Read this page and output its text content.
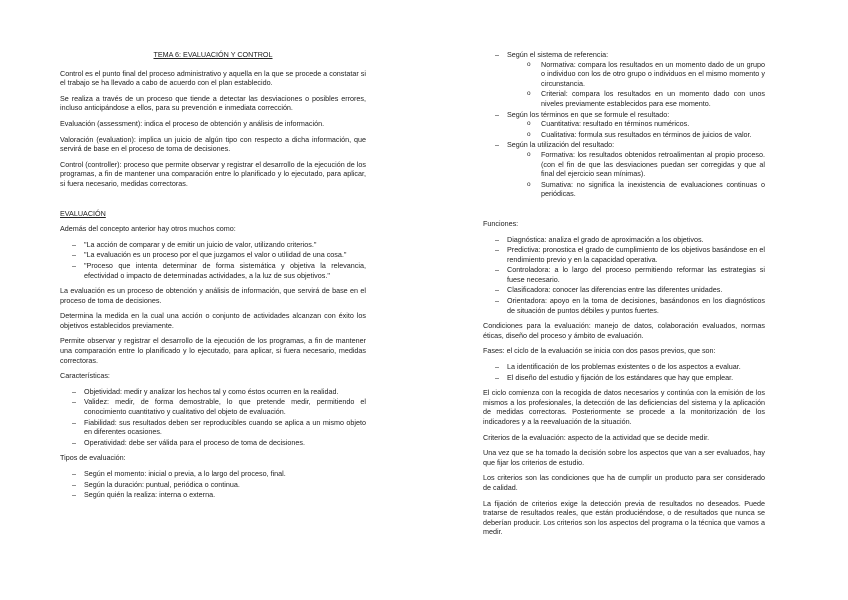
TEMA 6: EVALUACIÓN Y CONTROL

Control es el punto final del proceso administrativo y aquella en la que se procede a constatar si el trabajo se ha llevado a cabo de acuerdo con el plan establecido.

Se realiza a través de un proceso que tiende a detectar las desviaciones o posibles errores, incluso anticipándose a ellos, para su prevención e inmediata corrección.

Evaluación (assessment): indica el proceso de obtención y análisis de información.

Valoración (evaluation): implica un juicio de algún tipo con respecto a dicha información, que servirá de base en el proceso de toma de decisiones.

Control (controller): proceso que permite observar y registrar el desarrollo de la ejecución de los programas, a fin de mantener una comparación entre lo planificado y lo ejecutado, para aplicar, si fuera necesario, medidas correctoras.

EVALUACIÓN

Además del concepto anterior hay otros muchos como:

– "La acción de comparar y de emitir un juicio de valor, utilizando criterios."
– "La evaluación es un proceso por el que juzgamos el valor o utilidad de una cosa."
– "Proceso que intenta determinar de forma sistemática y objetiva la relevancia, efectividad o impacto de determinadas actividades, a la luz de sus objetivos."

La evaluación es un proceso de obtención y análisis de información, que servirá de base en el proceso de toma de decisiones.

Determina la medida en la cual una acción o conjunto de actividades alcanzan con éxito los objetivos establecidos previamente.

Permite observar y registrar el desarrollo de la ejecución de los programas, a fin de mantener una comparación entre lo planificado y lo ejecutado, para aplicar, si fuera necesario, medidas correctoras.

Características:

– Objetividad: medir y analizar los hechos tal y como éstos ocurren en la realidad.
– Validez: medir, de forma demostrable, lo que pretende medir, permitiendo el conocimiento cuantitativo y cualitativo del objeto de evaluación.
– Fiabilidad: sus resultados deben ser reproducibles cuando se aplica a un mismo objeto en diferentes ocasiones.
– Operatividad: debe ser válida para el proceso de toma de decisiones.

Tipos de evaluación:

– Según el momento: inicial o previa, a lo largo del proceso, final.
– Según la duración: puntual, periódica o continua.
– Según quién la realiza: interna o externa.
– Según el sistema de referencia:
o Normativa: compara los resultados en un momento dado de un grupo o individuo con los de otro grupo o individuos en el mismo momento y circunstancia.
o Criterial: compara los resultados en un momento dado con unos niveles previamente establecidos para ese momento.
– Según los términos en que se formule el resultado:
o Cuantitativa: resultado en términos numéricos.
o Cualitativa: formula sus resultados en términos de juicios de valor.
– Según la utilización del resultado:
o Formativa: los resultados obtenidos retroalimentan al propio proceso. (con el fin de que las desviaciones puedan ser corregidas y que al final del ejercicio sean mínimas).
o Sumativa: no significa la inexistencia de evaluaciones continuas o periódicas.

Funciones:

– Diagnóstica: analiza el grado de aproximación a los objetivos.
– Predictiva: pronostica el grado de cumplimiento de los objetivos basándose en el rendimiento previo y en la capacidad operativa.
– Controladora: a lo largo del proceso permitiendo reformar las estrategias si fuese necesario.
– Clasificadora: conocer las diferencias entre las diferentes unidades.
– Orientadora: apoyo en la toma de decisiones, basándonos en los diagnósticos de situación de puntos débiles y puntos fuertes.

Condiciones para la evaluación: manejo de datos, colaboración evaluados, normas éticas, diseño del proceso y ámbito de evaluación.

Fases: el ciclo de la evaluación se inicia con dos pasos previos, que son:

– La identificación de los problemas existentes o de los aspectos a evaluar.
– El diseño del estudio y fijación de los estándares que hay que emplear.

El ciclo comienza con la recogida de datos necesarios y continúa con la emisión de los mismos a los profesionales, la detección de las deficiencias del sistema y la aplicación de medidas correctoras. Posteriormente se procede a la monitorización de los indicadores y a la reevaluación de la situación.

Criterios de la evaluación: aspecto de la actividad que se decide medir.

Una vez que se ha tomado la decisión sobre los aspectos que van a ser evaluados, hay que fijar los criterios de estudio.

Los criterios son las condiciones que ha de cumplir un producto para ser considerado de calidad.

La fijación de criterios exige la detección previa de resultados no deseados. Puede tratarse de resultados reales, que están produciéndose, o de resultados que nunca se deberían producir. Los criterios son los aspectos del programa o la técnica que vamos a medir.
